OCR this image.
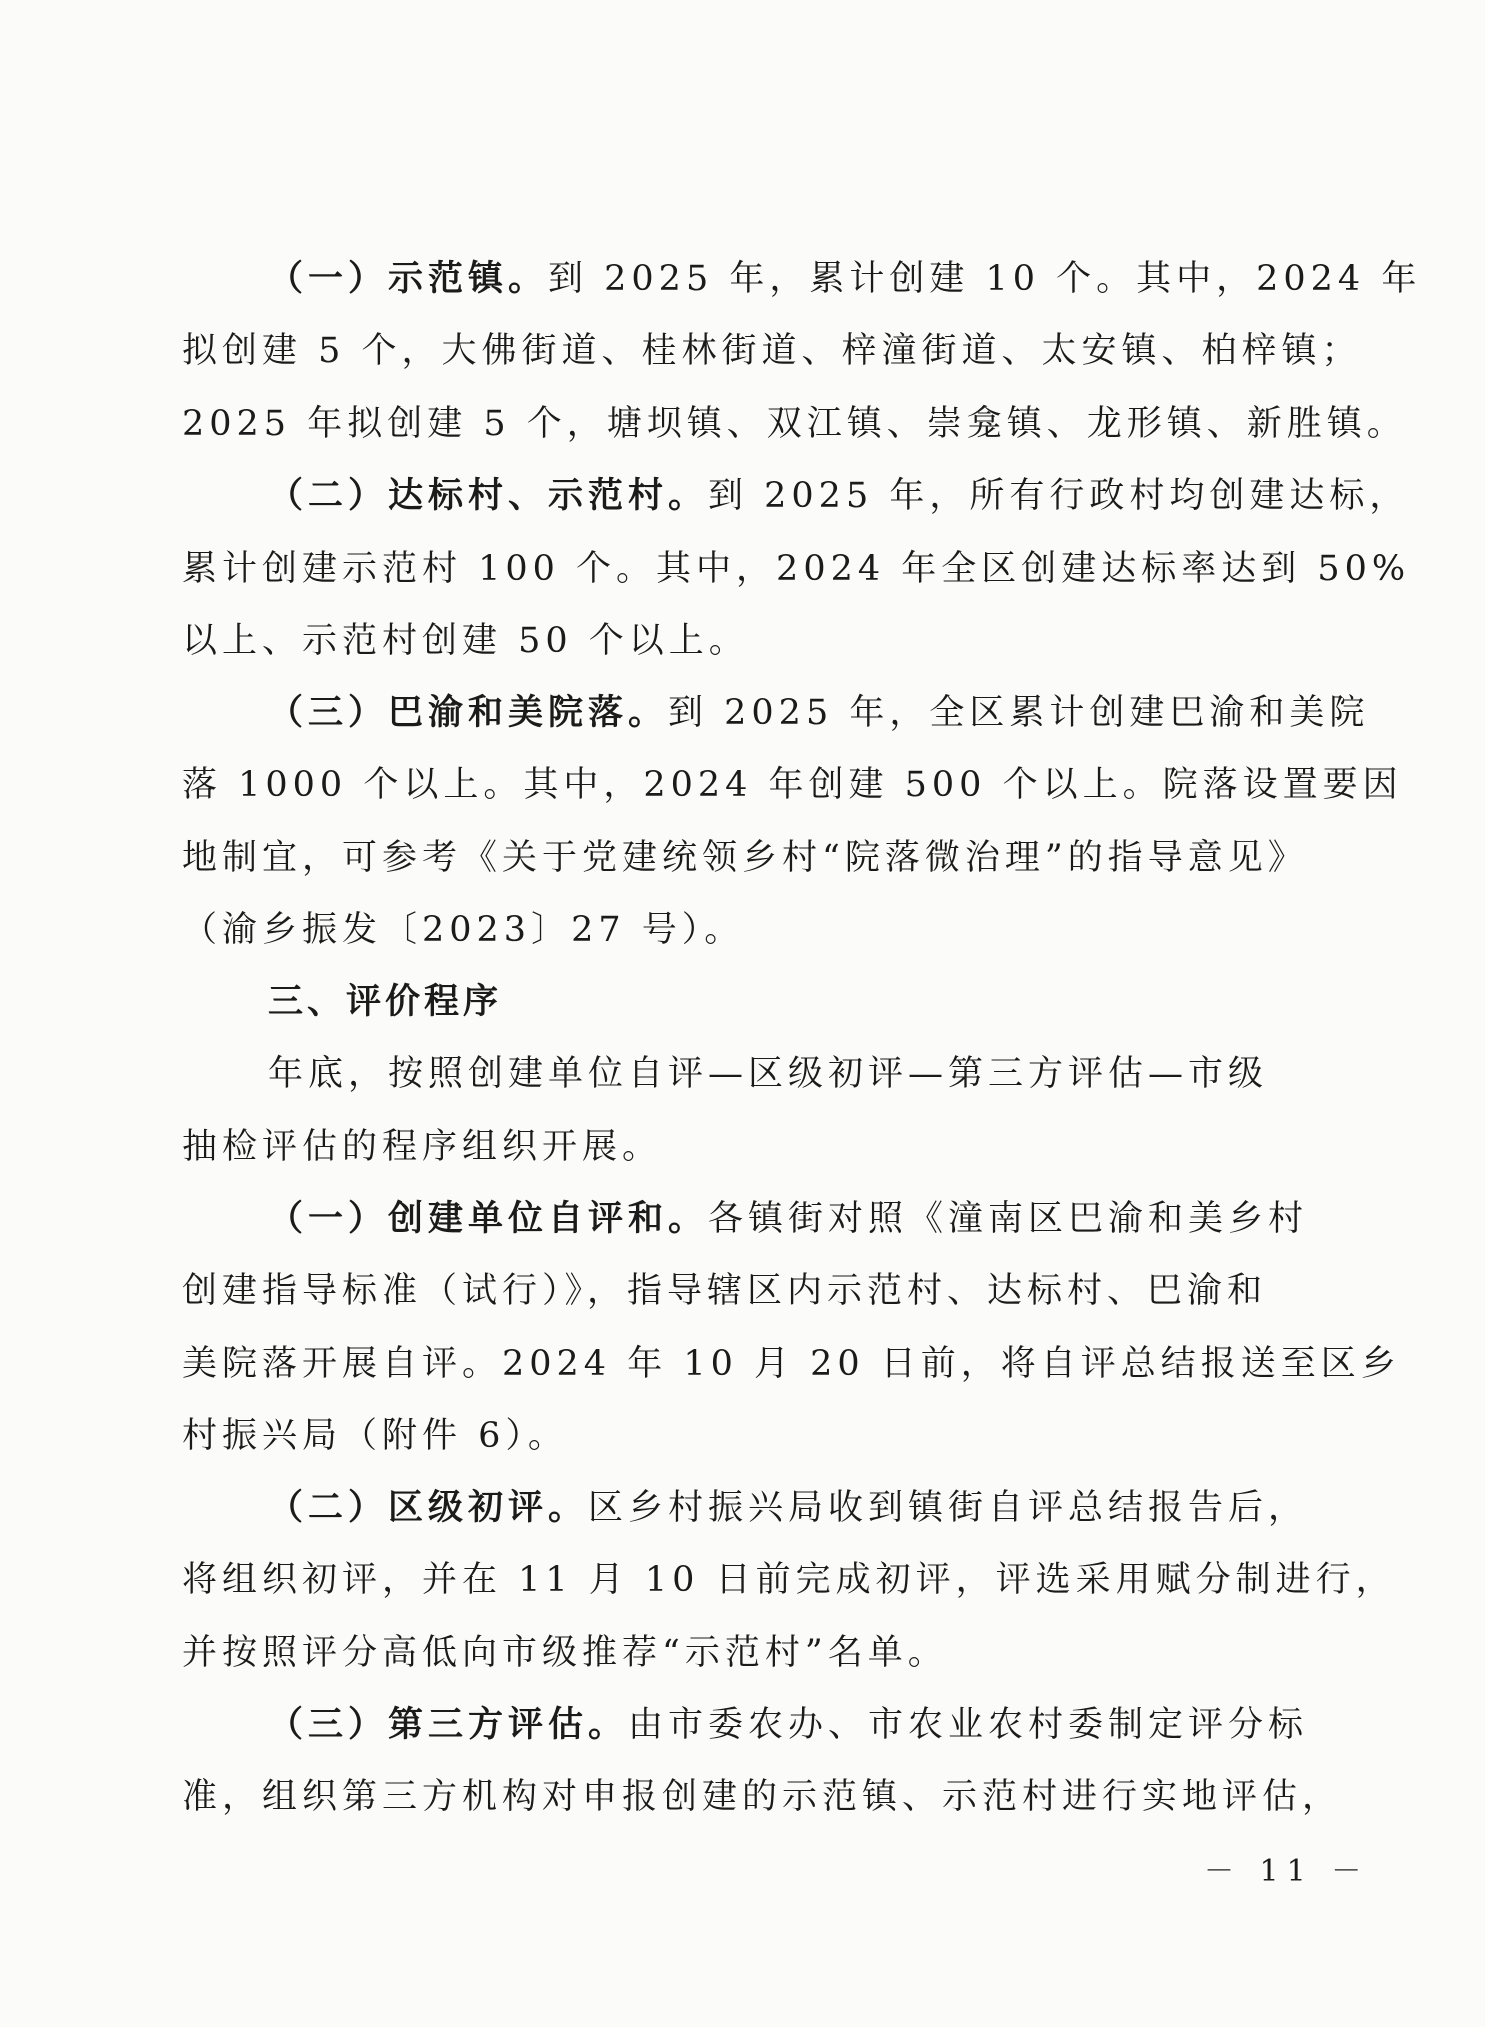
（一）示范镇。到 2025 年，累计创建 10 个。其中，2024 年
拟创建 5 个，大佛街道、桂林街道、梓潼街道、太安镇、柏梓镇；
2025 年拟创建 5 个，塘坝镇、双江镇、崇龛镇、龙形镇、新胜镇。
（二）达标村、示范村。到 2025 年，所有行政村均创建达标，
累计创建示范村 100 个。其中，2024 年全区创建达标率达到 50%
以上、示范村创建 50 个以上。
（三）巴渝和美院落。到 2025 年，全区累计创建巴渝和美院
落 1000 个以上。其中，2024 年创建 500 个以上。院落设置要因
地制宜，可参考《关于党建统领乡村“院落微治理”的指导意见》
（渝乡振发〔2023〕27 号）。
三、评价程序
年底，按照创建单位自评—区级初评—第三方评估—市级
抽检评估的程序组织开展。
（一）创建单位自评和。各镇街对照《潼南区巴渝和美乡村
创建指导标准（试行）》，指导辖区内示范村、达标村、巴渝和
美院落开展自评。2024 年 10 月 20 日前，将自评总结报送至区乡
村振兴局（附件 6）。
（二）区级初评。区乡村振兴局收到镇街自评总结报告后，
将组织初评，并在 11 月 10 日前完成初评，评选采用赋分制进行，
并按照评分高低向市级推荐“示范村”名单。
（三）第三方评估。由市委农办、市农业农村委制定评分标
准，组织第三方机构对申报创建的示范镇、示范村进行实地评估，
－ 11 －
